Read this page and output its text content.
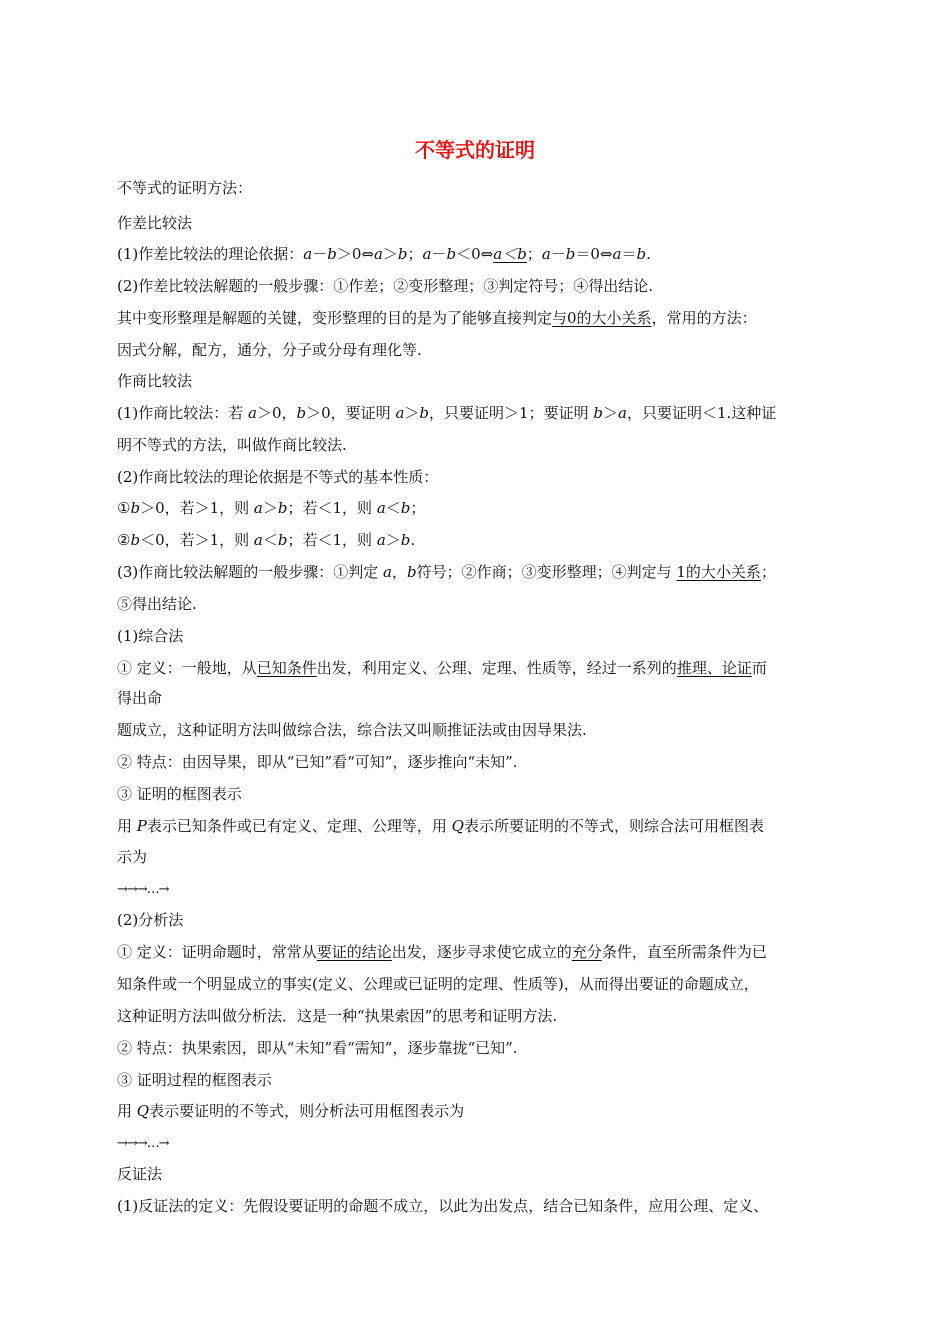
不等式的证明
不等式的证明方法：
作差比较法
(1)作差比较法的理论依据：a－b＞0⇔a＞b；a－b＜0⇔a＜b；a－b＝0⇔a＝b.
(2)作差比较法解题的一般步骤：①作差；②变形整理；③判定符号；④得出结论.
其中变形整理是解题的关键，变形整理的目的是为了能够直接判定与0的大小关系，常用的方法：
因式分解，配方，通分，分子或分母有理化等.
作商比较法
(1)作商比较法：若 a＞0，b＞0，要证明 a＞b，只要证明＞1；要证明 b＞a，只要证明＜1.这种证
明不等式的方法，叫做作商比较法.
(2)作商比较法的理论依据是不等式的基本性质：
①b＞0，若＞1，则 a＞b；若＜1，则 a＜b；
②b＜0，若＞1，则 a＜b；若＜1，则 a＞b.
(3)作商比较法解题的一般步骤：①判定 a，b符号；②作商；③变形整理；④判定与 1的大小关系；
⑤得出结论.
(1)综合法
① 定义：一般地，从已知条件出发，利用定义、公理、定理、性质等，经过一系列的推理、论证而
得出命
题成立，这种证明方法叫做综合法，综合法又叫顺推证法或由因导果法.
② 特点：由因导果，即从“已知”看“可知”，逐步推向“未知”.
③ 证明的框图表示
用 P表示已知条件或已有定义、定理、公理等，用 Q表示所要证明的不等式，则综合法可用框图表
示为
→→→…→
(2)分析法
① 定义：证明命题时，常常从要证的结论出发，逐步寻求使它成立的充分条件，直至所需条件为已
知条件或一个明显成立的事实(定义、公理或已证明的定理、性质等)，从而得出要证的命题成立，
这种证明方法叫做分析法．这是一种“执果索因”的思考和证明方法.
② 特点：执果索因，即从“未知”看“需知”，逐步靠拢“已知”.
③ 证明过程的框图表示
用 Q表示要证明的不等式，则分析法可用框图表示为
→→→…→
反证法
(1)反证法的定义：先假设要证明的命题不成立，以此为出发点，结合已知条件，应用公理、定义、
